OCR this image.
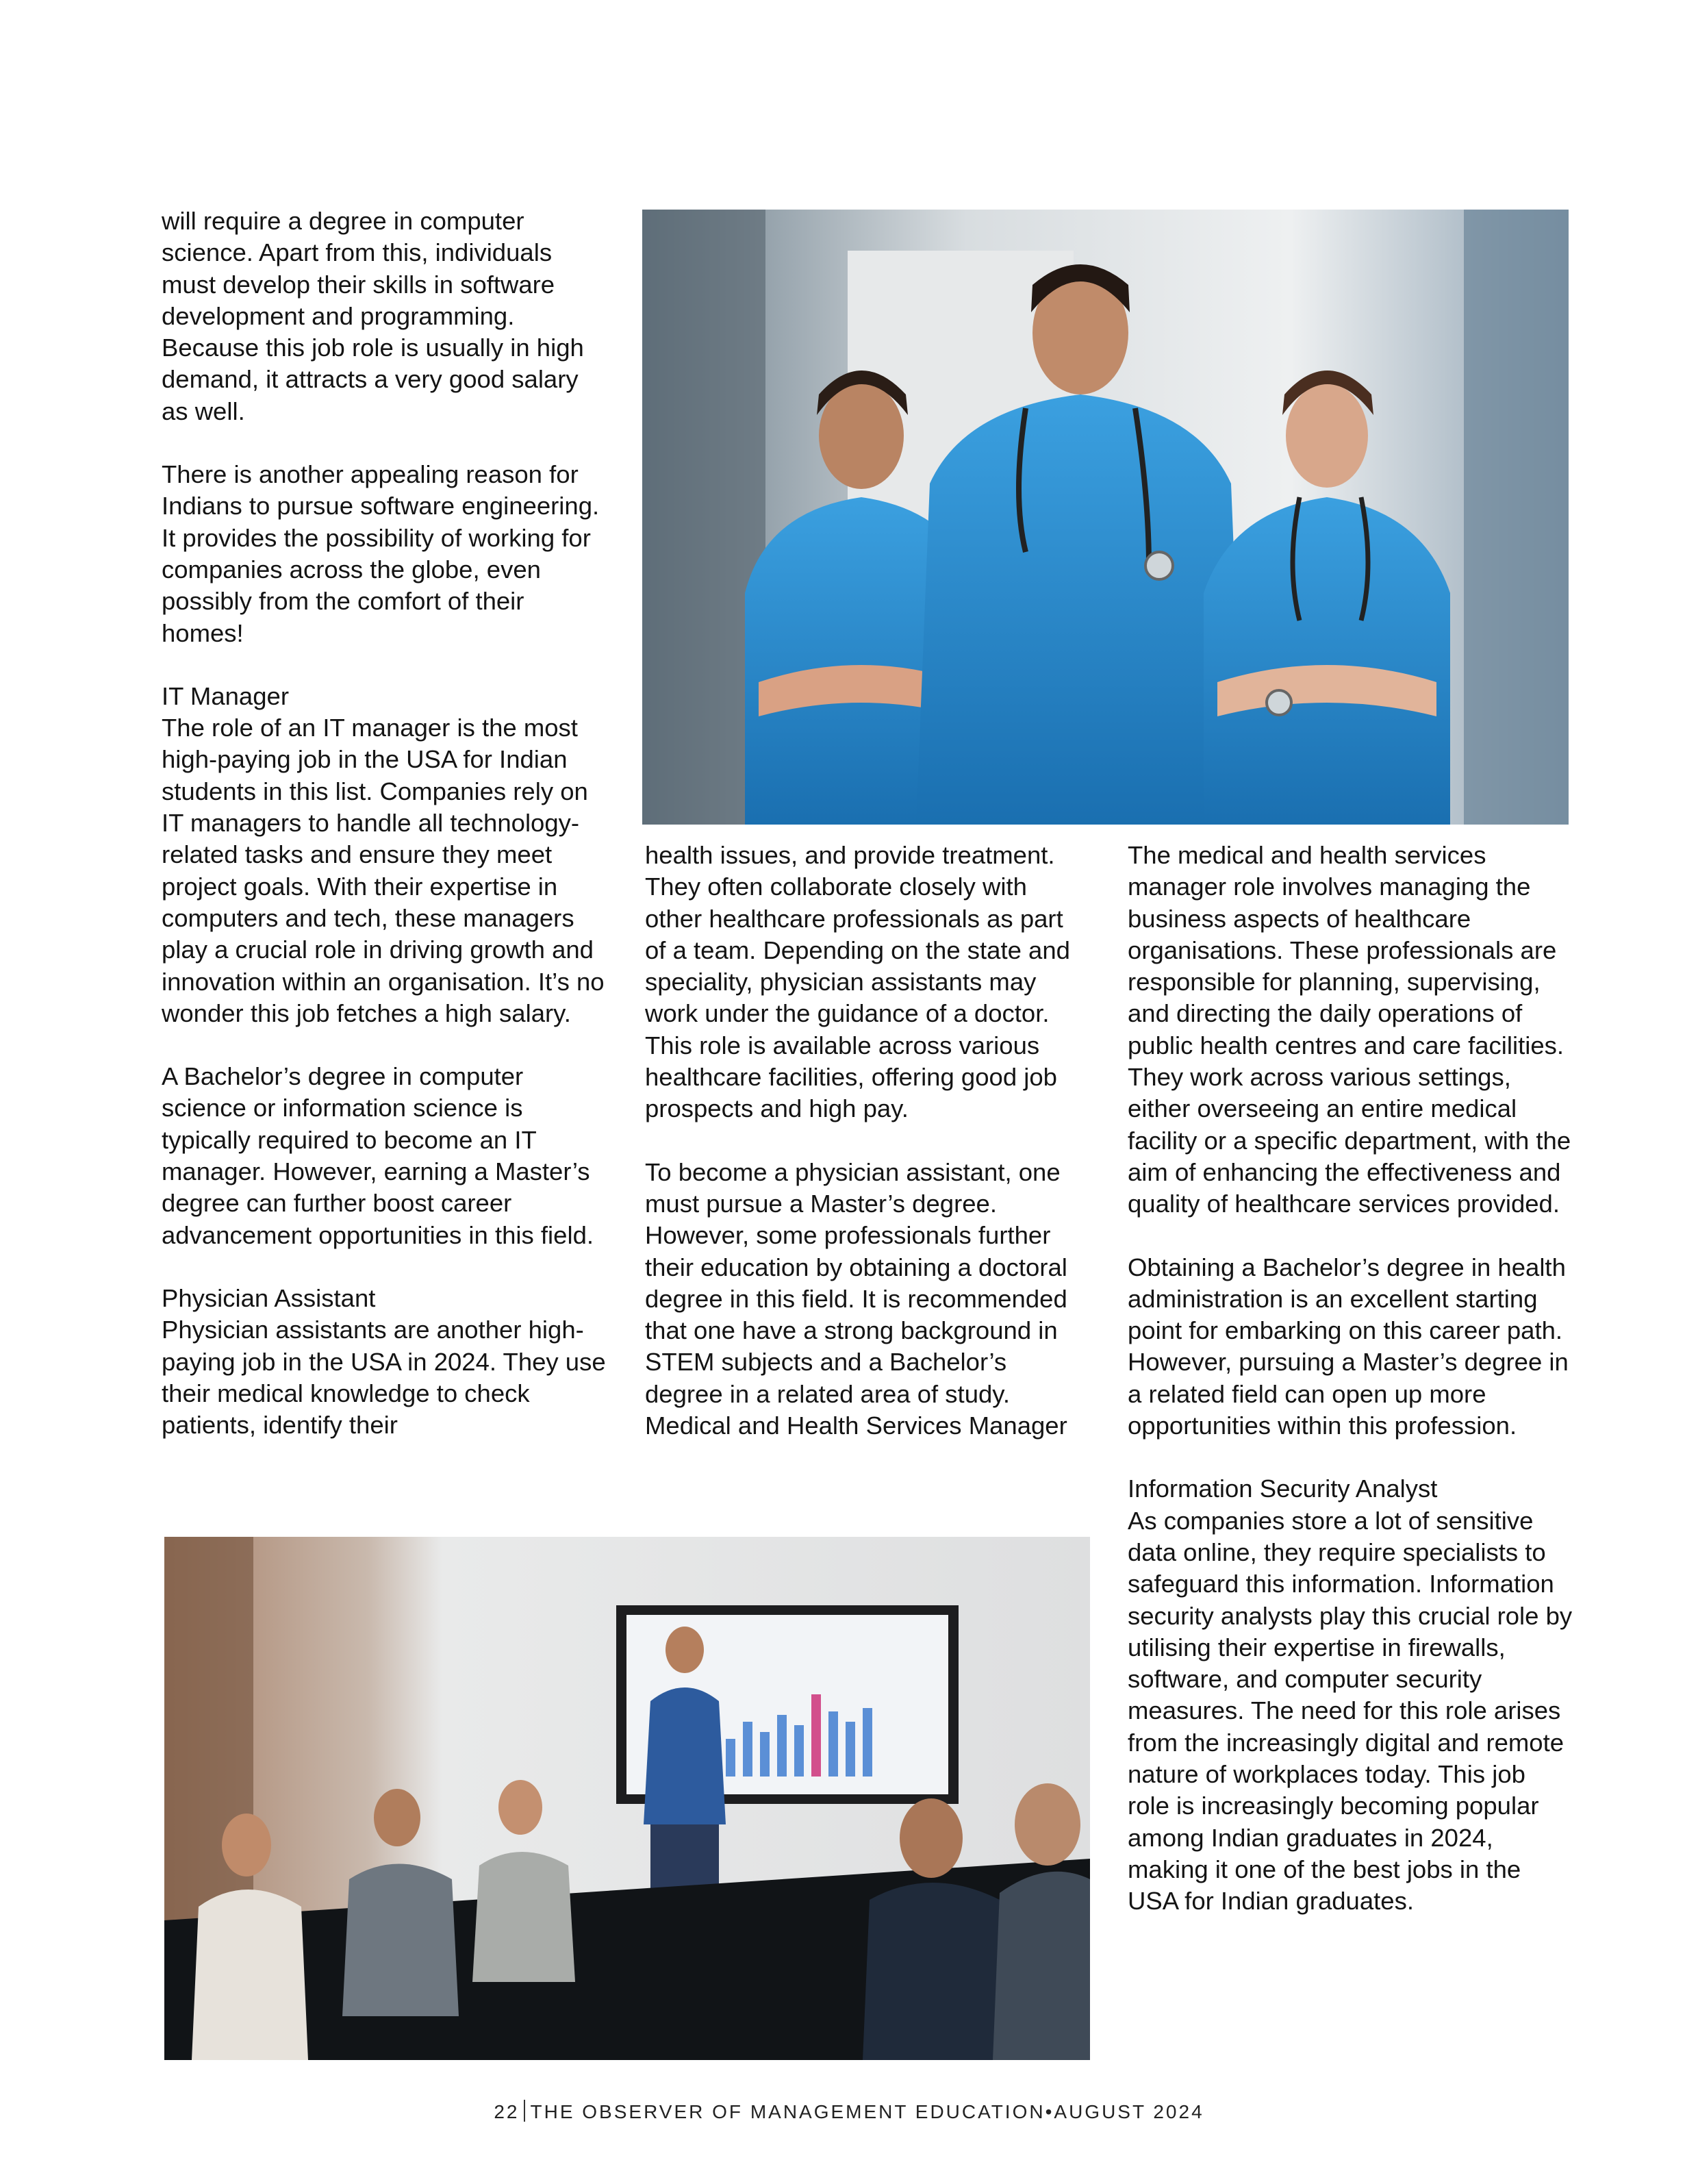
will require a degree in computer science. Apart from this, individuals must develop their skills in software development and programming. Because this job role is usually in high demand, it attracts a very good salary as well.

There is another appealing reason for Indians to pursue software engineering. It provides the possibility of working for companies across the globe, even possibly from the comfort of their homes!

IT Manager

The role of an IT manager is the most high-paying job in the USA for Indian students in this list. Companies rely on IT managers to handle all technology-related tasks and ensure they meet project goals. With their expertise in computers and tech, these managers play a crucial role in driving growth and innovation within an organisation. It’s no wonder this job fetches a high salary.

A Bachelor’s degree in computer science or information science is typically required to become an IT manager. However, earning a Master’s degree can further boost career advancement opportunities in this field.

Physician Assistant

Physician assistants are another high-paying job in the USA in 2024. They use their medical knowledge to check patients, identify their

health issues, and provide treatment. They often collaborate closely with other healthcare professionals as part of a team. Depending on the state and speciality, physician assistants may work under the guidance of a doctor. This role is available across various healthcare facilities, offering good job prospects and high pay.

To become a physician assistant, one must pursue a Master’s degree. However, some professionals further their education by obtaining a doctoral degree in this field. It is recommended that one have a strong background in STEM subjects and a Bachelor’s degree in a related area of study. Medical and Health Services Manager

The medical and health services manager role involves managing the business aspects of healthcare organisations. These professionals are responsible for planning, supervising, and directing the daily operations of public health centres and care facilities. They work across various settings, either overseeing an entire medical facility or a specific department, with the aim of enhancing the effectiveness and quality of healthcare services provided.

Obtaining a Bachelor’s degree in health administration is an excellent starting point for embarking on this career path. However, pursuing a Master’s degree in a related field can open up more opportunities within this profession.

Information Security Analyst

As companies store a lot of sensitive data online, they require specialists to safeguard this information. Information security analysts play this crucial role by utilising their expertise in firewalls, software, and computer security measures. The need for this role arises from the increasingly digital and remote nature of workplaces today. This job role is increasingly becoming popular among Indian graduates in 2024, making it one of the best jobs in the USA for Indian graduates.

22 THE OBSERVER OF MANAGEMENT EDUCATION•AUGUST 2024
